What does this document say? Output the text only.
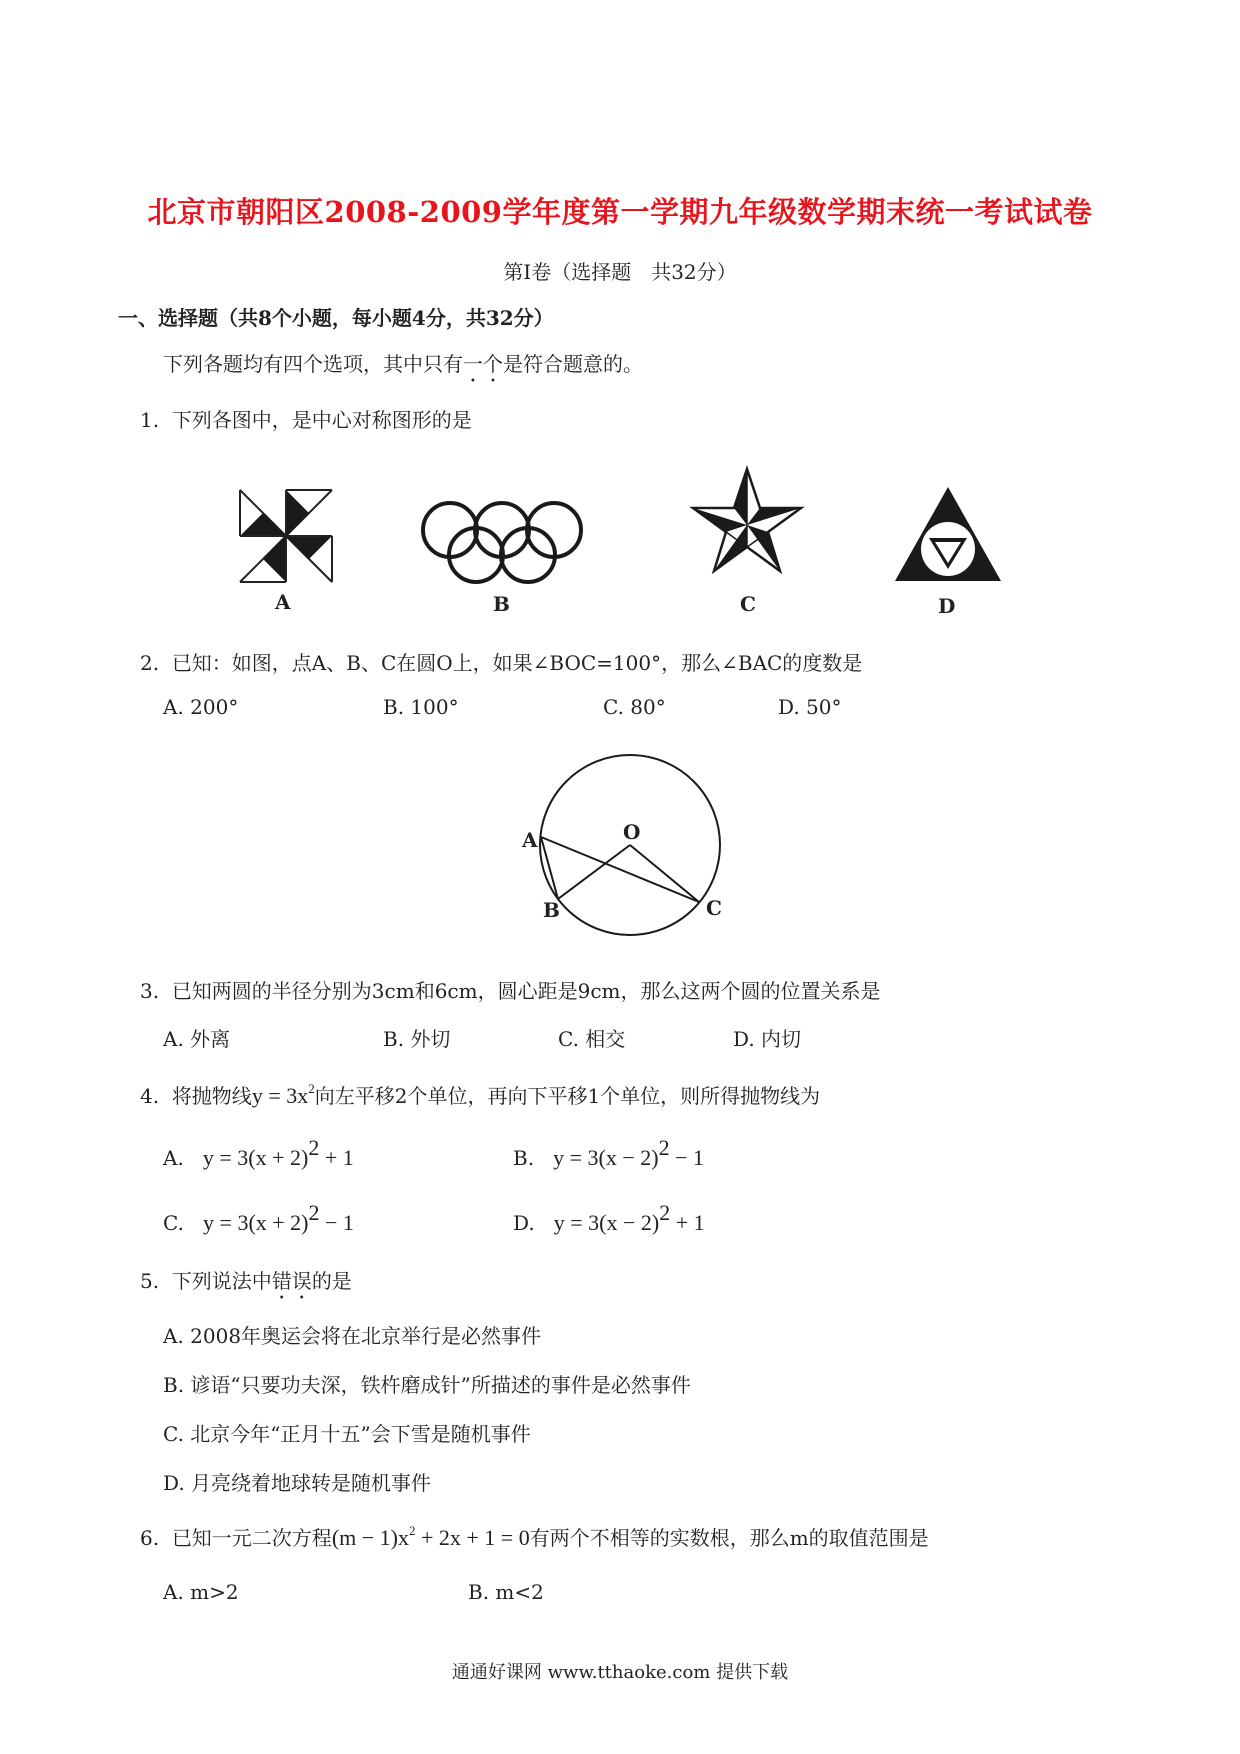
北京市朝阳区2008-2009学年度第一学期九年级数学期末统一考试试卷
第Ⅰ卷（选择题　共32分）
一、选择题（共8个小题，每小题4分，共32分）
下列各题均有四个选项，其中只有一个是符合题意的。
1. 下列各图中，是中心对称图形的是
A	B	C	D
2. 已知：如图，点A、B、C在圆O上，如果∠BOC=100°，那么∠BAC的度数是
A. 200°	B. 100°	C. 80°	D. 50°
A
B	C
O
3. 已知两圆的半径分别为3cm和6cm，圆心距是9cm，那么这两个圆的位置关系是
A. 外离	B. 外切	C. 相交	D. 内切
4. 将抛物线$y = 3x^2$向左平移2个单位，再向下平移1个单位，则所得抛物线为
A. $y = 3(x + 2)^2 + 1$	B. $y = 3(x - 2)^2 - 1$
C. $y = 3(x + 2)^2 - 1$	D. $y = 3(x - 2)^2 + 1$
5. 下列说法中错误的是
A. 2008年奥运会将在北京举行是必然事件
B. 谚语“只要功夫深，铁杵磨成针”所描述的事件是必然事件
C. 北京今年“正月十五”会下雪是随机事件
D. 月亮绕着地球转是随机事件
6. 已知一元二次方程$(m - 1)x^2 + 2x + 1 = 0$有两个不相等的实数根，那么m的取值范围是
A. m>2	B. m<2
通通好课网 www.tthaoke.com 提供下载
